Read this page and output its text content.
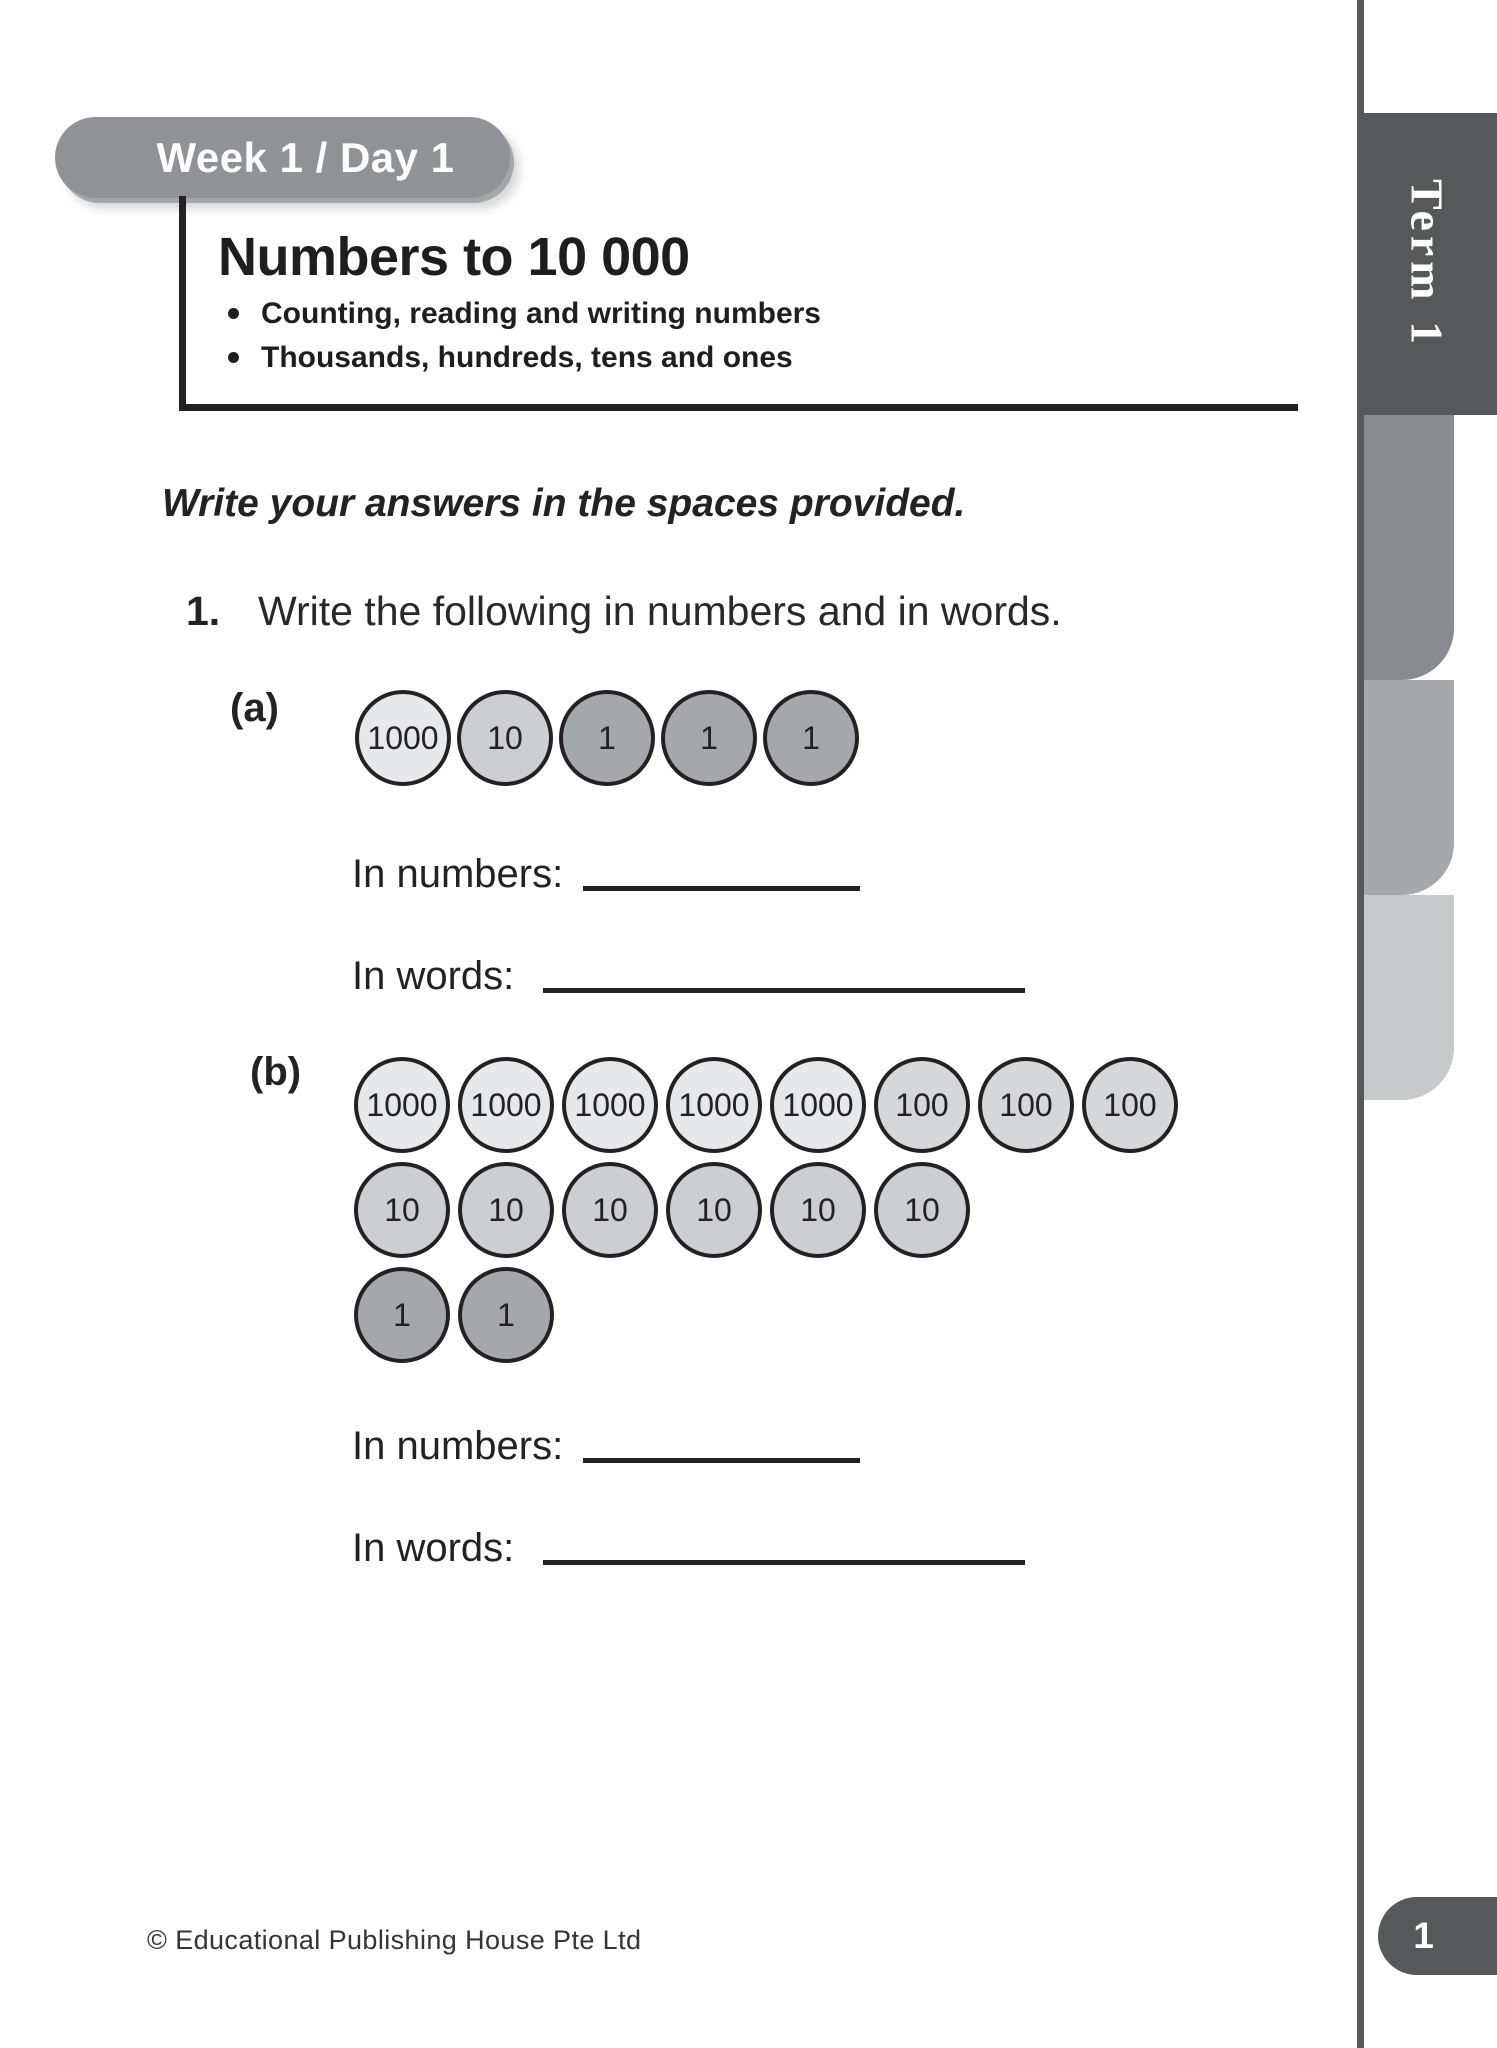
Term 1
1
Week 1 / Day 1
Numbers to 10 000
Counting, reading and writing numbers
Thousands, hundreds, tens and ones
Write your answers in the spaces provided.
1. Write the following in numbers and in words.
(a)
1000	10	1	1	1
In numbers:
In words:
(b)
1000	1000	1000	1000	1000	100	100	100
10	10	10	10	10	10
1	1
In numbers:
In words:
© Educational Publishing House Pte Ltd
